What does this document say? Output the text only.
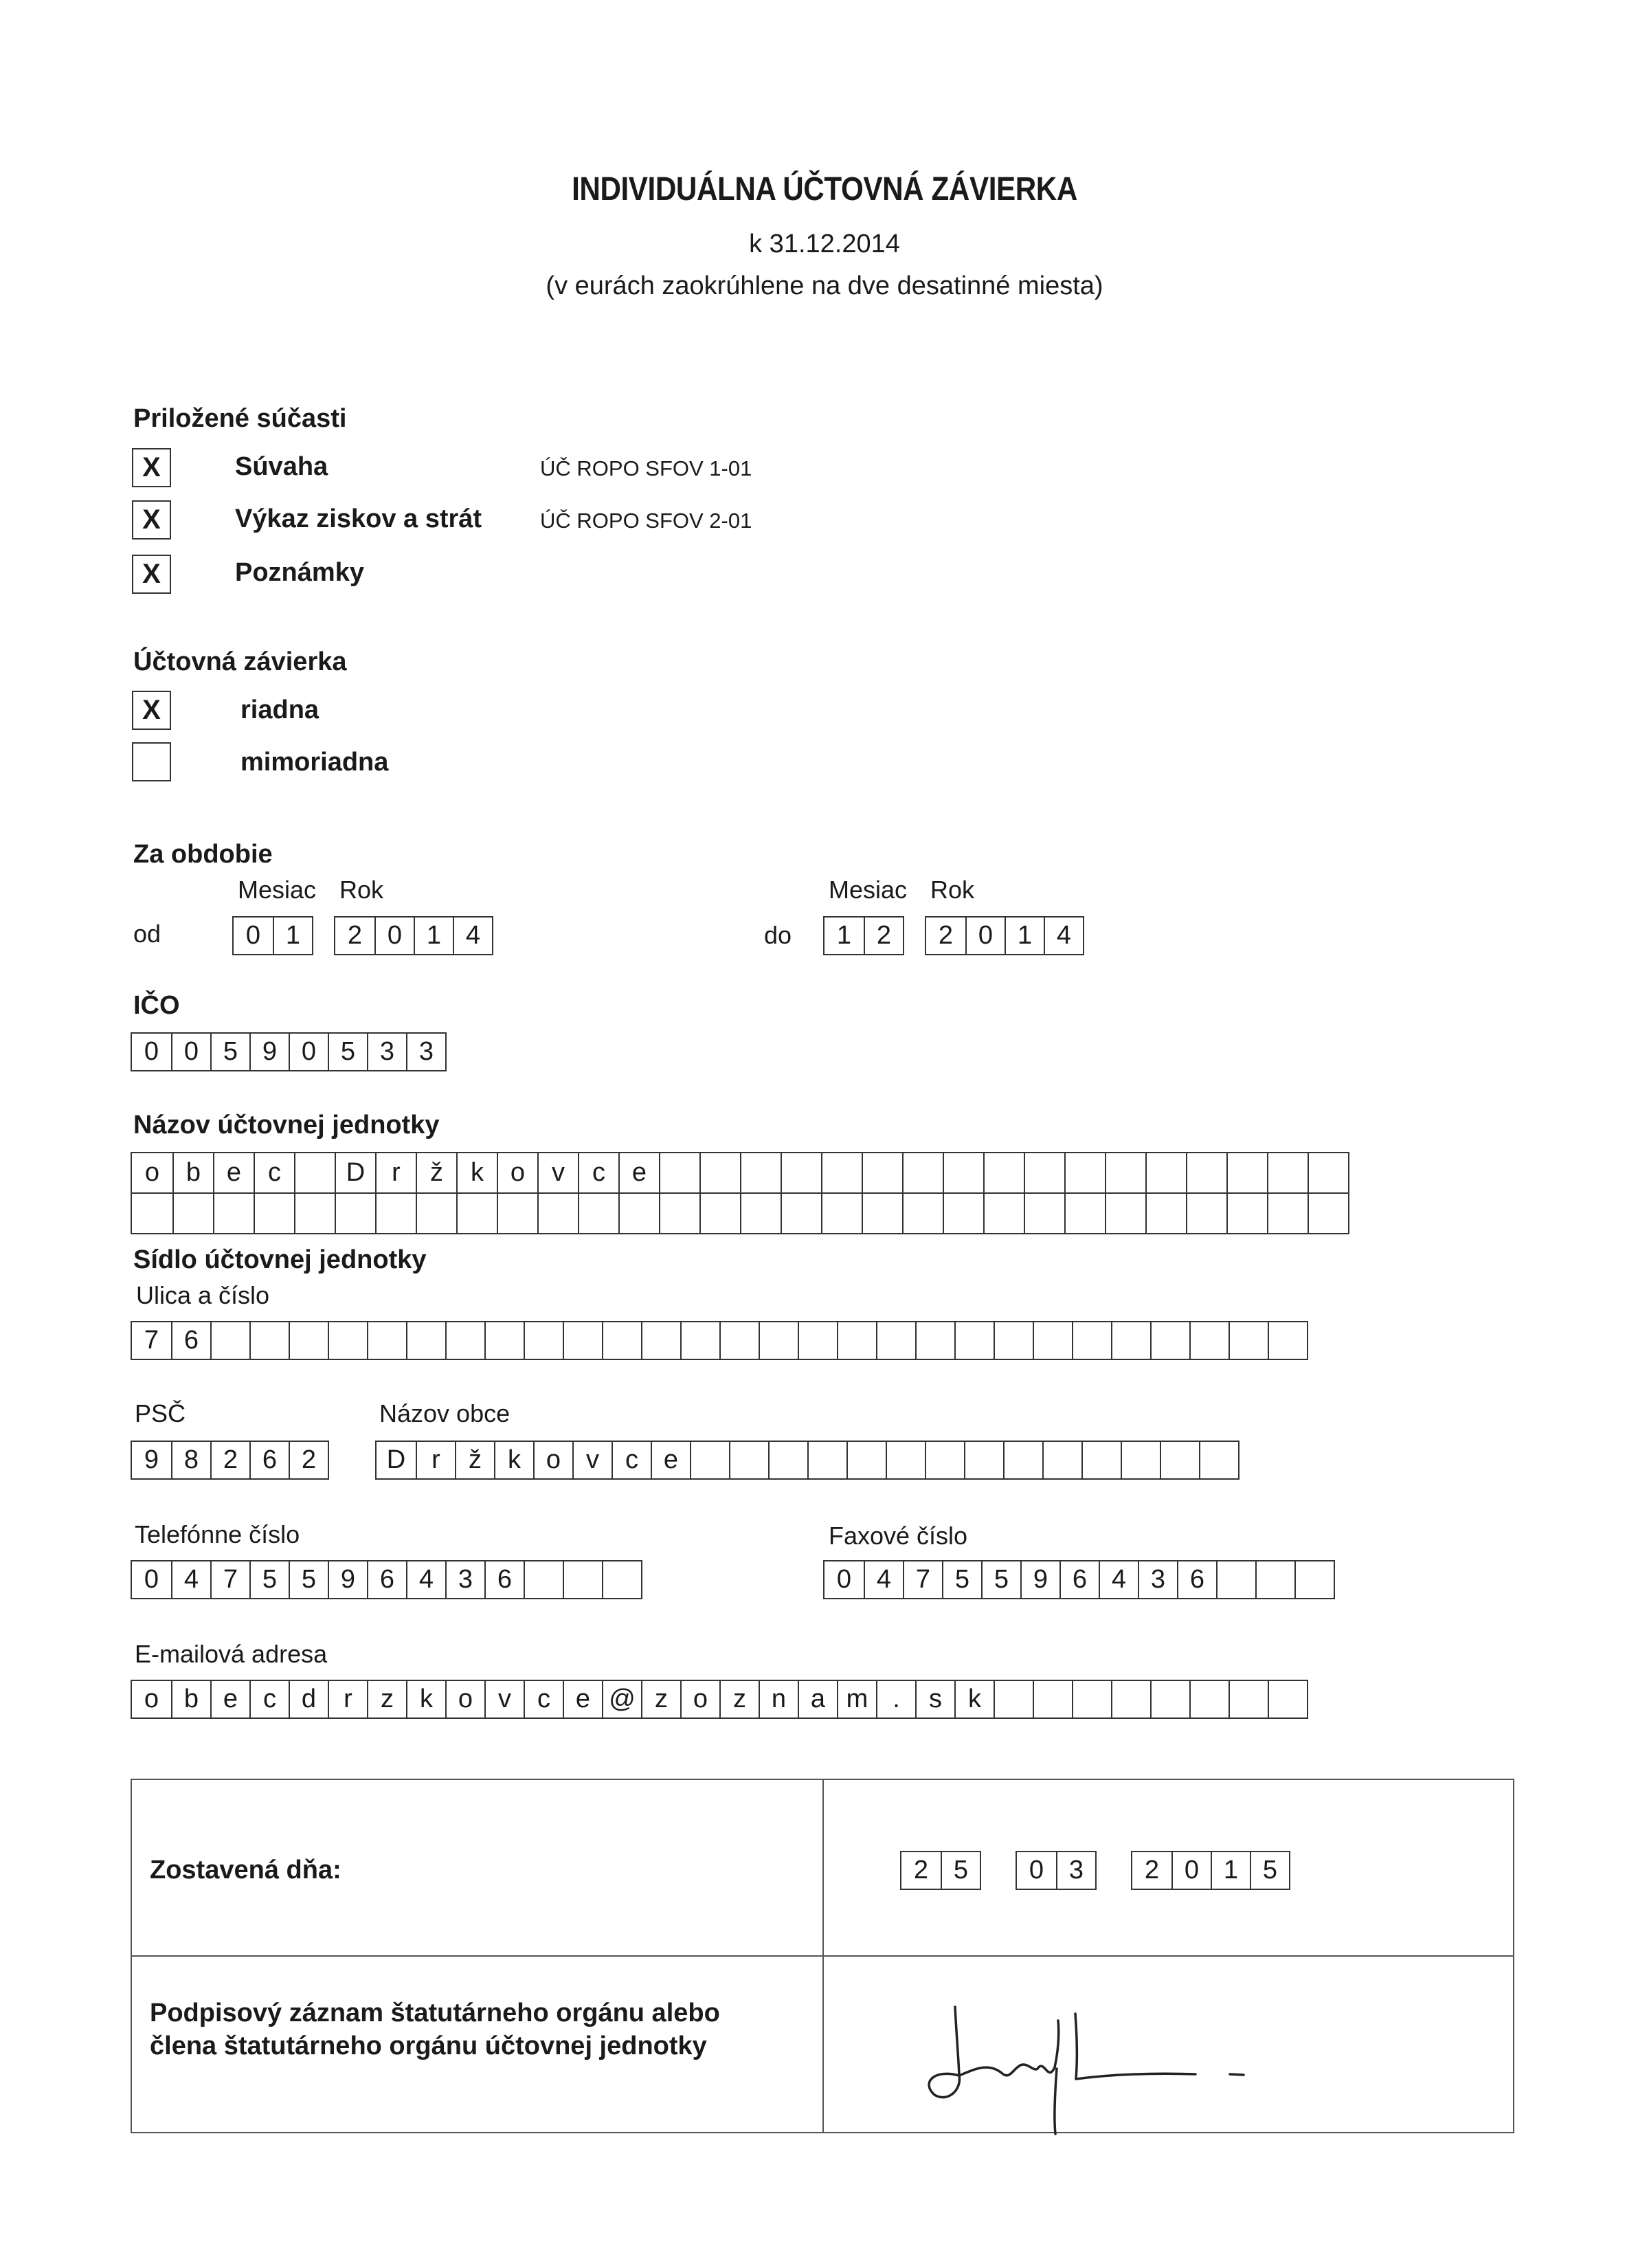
INDIVIDUÁLNA ÚČTOVNÁ ZÁVIERKA
k 31.12.2014
(v eurách zaokrúhlene na dve desatinné miesta)
Priložené súčasti
X	Súvaha	ÚČ ROPO SFOV 1-01
X	Výkaz ziskov a strát	ÚČ ROPO SFOV 2-01
X	Poznámky
Účtovná závierka
X	riadna
mimoriadna
Za obdobie
Mesiac Rok
od	0 1	2 0 1 4
Mesiac Rok
do	1 2	2 0 1 4
IČO
0 0 5 9 0 5 3 3
Názov účtovnej jednotky
o	b e	c	D	r	ž	k	o	v	c	e
Sídlo účtovnej jednotky
Ulica a číslo
7 6
PSČ
9 8 2 6 2
Názov obce
D r	ž	k o v	c e
Telefónne číslo
0 4 7 5 5 9 6 4 3 6
Faxové číslo
0 4 7 5 5 9 6 4 3 6
E-mailová adresa
o b e c d	r	z	k o v	c e @ z o z n a m .	s	k
Zostavená dňa:	2 5	0 3	2 0 1 5
Podpisový záznam štatutárneho orgánu alebo
člena štatutárneho orgánu účtovnej jednotky
